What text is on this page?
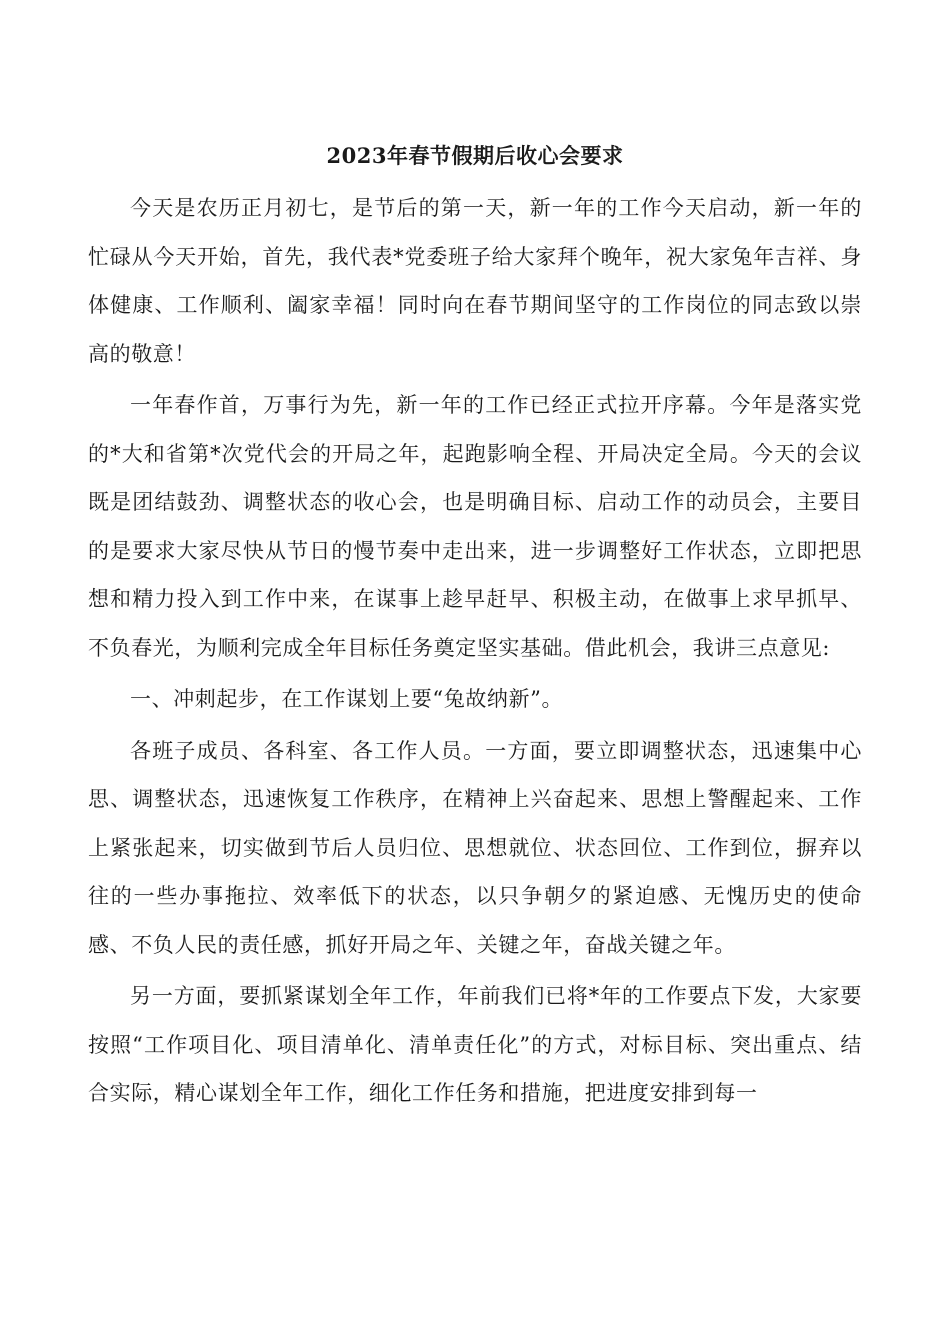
2023年春节假期后收心会要求

今天是农历正月初七，是节后的第一天，新一年的工作今天启动，新一年的忙碌从今天开始，首先，我代表*党委班子给大家拜个晚年，祝大家兔年吉祥、身体健康、工作顺利、阖家幸福！同时向在春节期间坚守的工作岗位的同志致以崇高的敬意！

一年春作首，万事行为先，新一年的工作已经正式拉开序幕。今年是落实党的*大和省第*次党代会的开局之年，起跑影响全程、开局决定全局。今天的会议既是团结鼓劲、调整状态的收心会，也是明确目标、启动工作的动员会，主要目的是要求大家尽快从节日的慢节奏中走出来，进一步调整好工作状态，立即把思想和精力投入到工作中来，在谋事上趁早赶早、积极主动，在做事上求早抓早、不负春光，为顺利完成全年目标任务奠定坚实基础。借此机会，我讲三点意见:

一、冲刺起步，在工作谋划上要“兔故纳新”。

各班子成员、各科室、各工作人员。一方面，要立即调整状态，迅速集中心思、调整状态，迅速恢复工作秩序，在精神上兴奋起来、思想上警醒起来、工作上紧张起来，切实做到节后人员归位、思想就位、状态回位、工作到位，摒弃以往的一些办事拖拉、效率低下的状态，以只争朝夕的紧迫感、无愧历史的使命感、不负人民的责任感，抓好开局之年、关键之年，奋战关键之年。

另一方面，要抓紧谋划全年工作，年前我们已将*年的工作要点下发，大家要按照“工作项目化、项目清单化、清单责任化”的方式，对标目标、突出重点、结合实际，精心谋划全年工作，细化工作任务和措施，把进度安排到每一
